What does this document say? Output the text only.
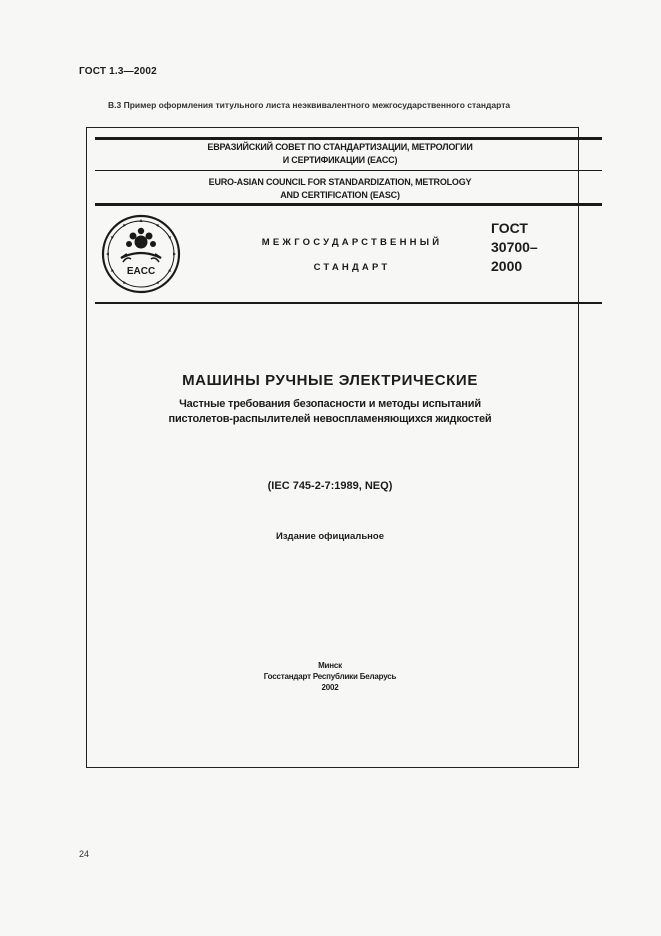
ГОСТ 1.3—2002
В.3 Пример оформления титульного листа неэквивалентного межгосударственного стандарта
ЕВРАЗИЙСКИЙ СОВЕТ ПО СТАНДАРТИЗАЦИИ, МЕТРОЛОГИИ
И СЕРТИФИКАЦИИ (ЕАСС)
EURO-ASIAN COUNCIL FOR STANDARDIZATION, METROLOGY
AND CERTIFICATION (EASC)
EACC
МЕЖГОСУДАРСТВЕННЫЙ
СТАНДАРТ
ГОСТ
30700–
2000
МАШИНЫ РУЧНЫЕ ЭЛЕКТРИЧЕСКИЕ
Частные требования безопасности и методы испытаний
пистолетов-распылителей невоспламеняющихся жидкостей
(IEC 745-2-7:1989, NEQ)
Издание официальное
Минск
Госстандарт Республики Беларусь
2002
24
